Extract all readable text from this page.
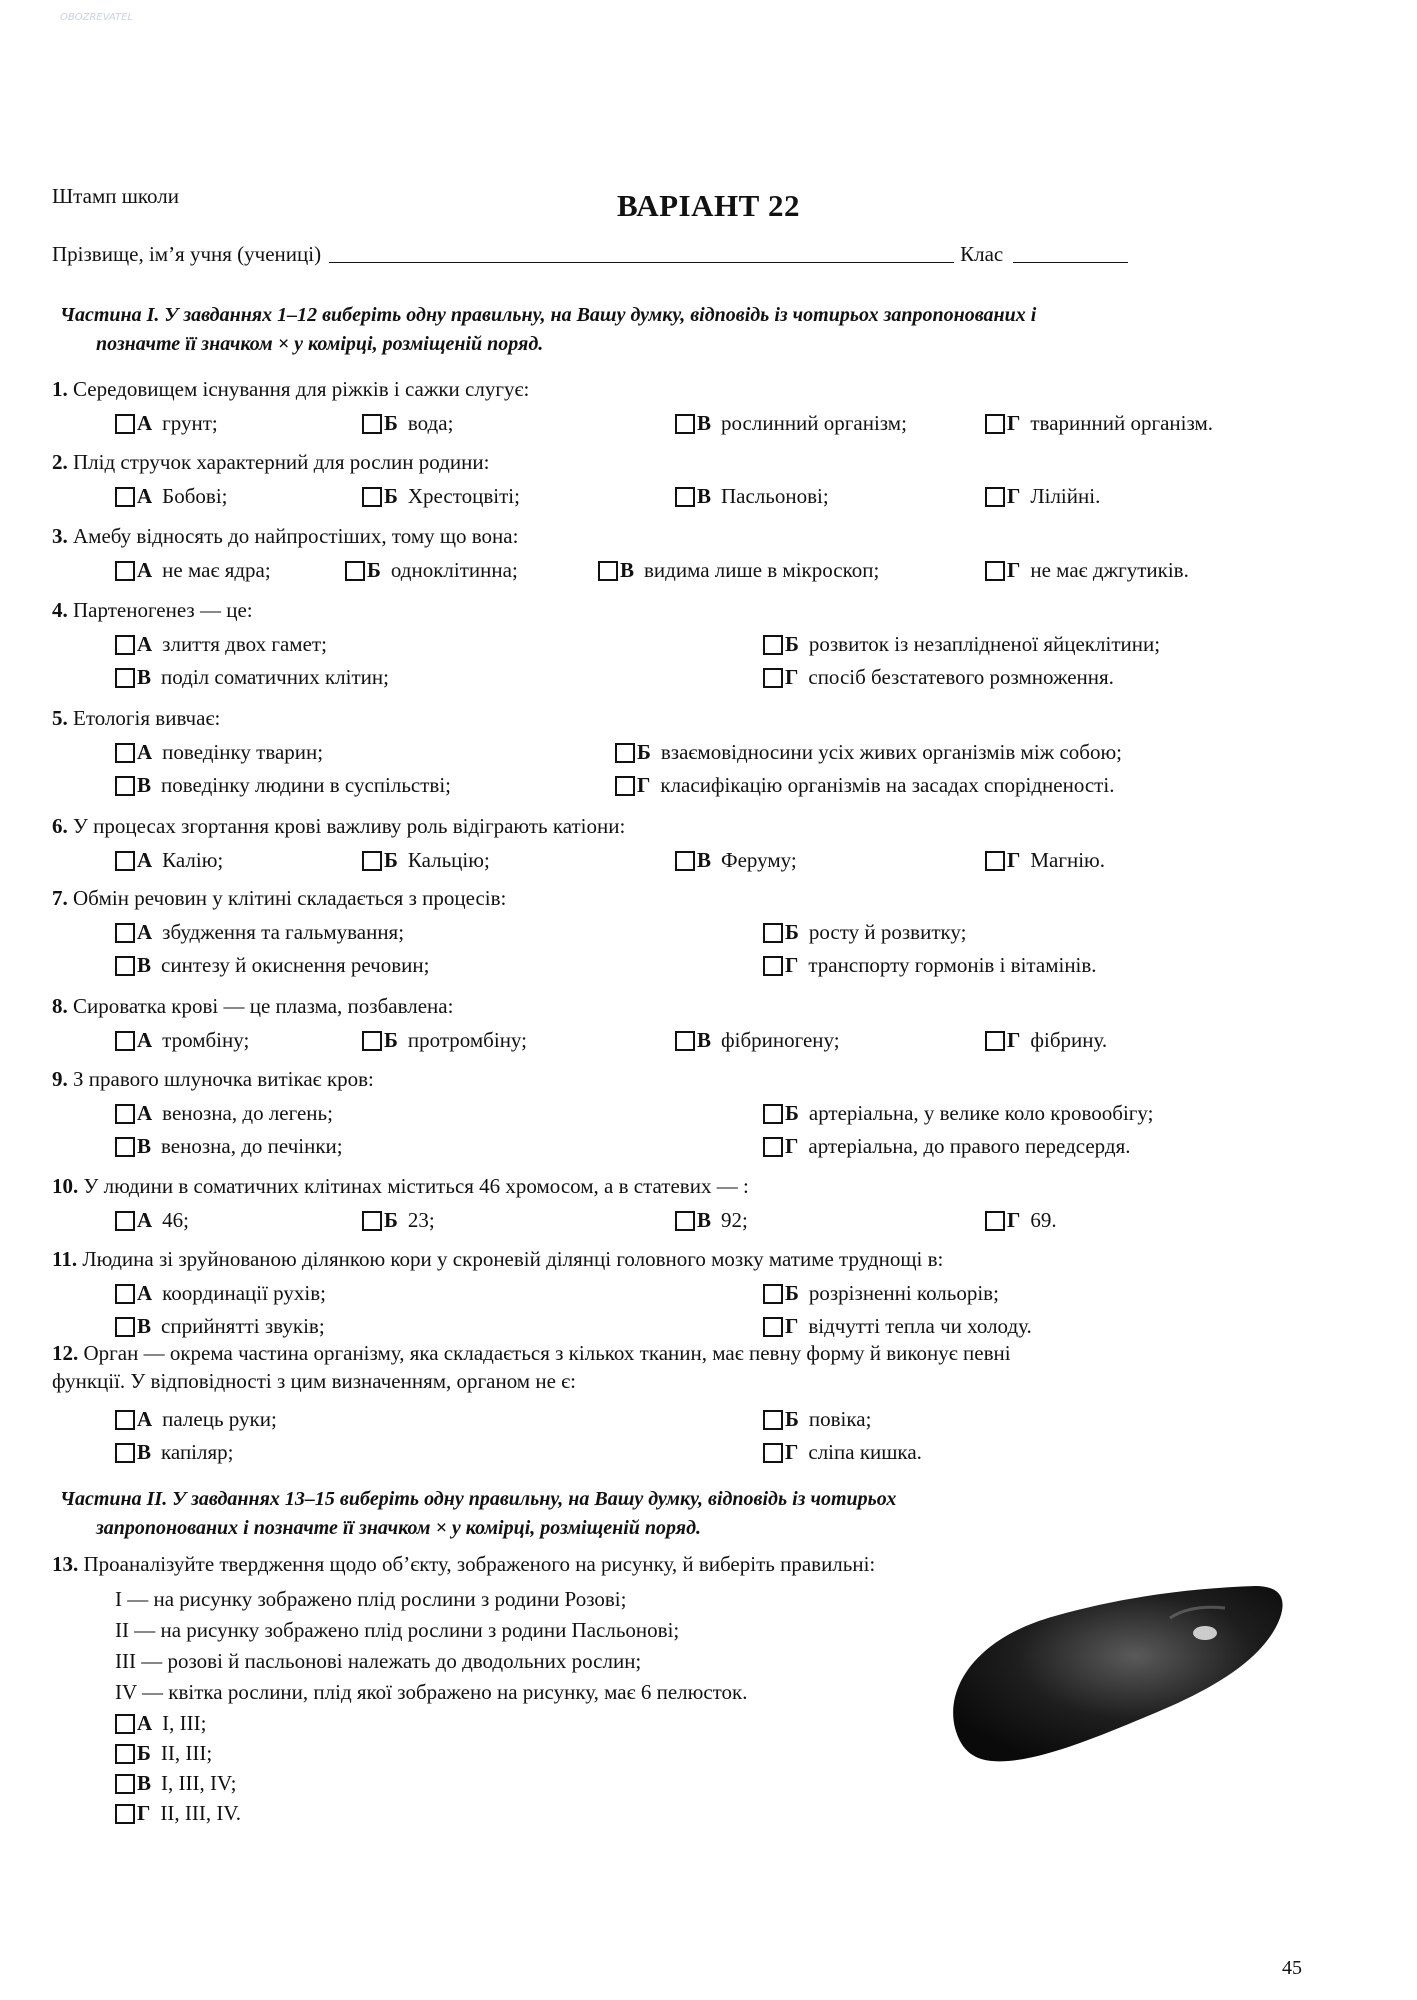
OBOZREVATEL
Штамп школи	ВАРІАНТ 22
Прізвище, ім’я учня (учениці)	Клас
Частина І. У завданнях 1–12 виберіть одну правильну, на Вашу думку, відповідь із чотирьох запропонованих і
позначте її значком × у комірці, розміщеній поряд.
1. Середовищем існування для ріжків і сажки слугує:
А грунт;	Б вода;	В рослинний організм;	Г тваринний організм.
2. Плід стручок характерний для рослин родини:
А Бобові;	Б Хрестоцвіті;	В Пасльонові;	Г Лілійні.
3. Амебу відносять до найпростіших, тому що вона:
А не має ядра;	Б одноклітинна;	В видима лише в мікроскоп;	Г не має джгутиків.
4. Партеногенез — це:
А злиття двох гамет;	Б розвиток із незаплідненої яйцеклітини;
В поділ соматичних клітин;	Г спосіб безстатевого розмноження.
5. Етологія вивчає:
А поведінку тварин;	Б взаємовідносини усіх живих організмів між собою;
В поведінку людини в суспільстві;	Г класифікацію організмів на засадах спорідненості.
6. У процесах згортання крові важливу роль відіграють катіони:
А Калію;	Б Кальцію;	В Феруму;	Г Магнію.
7. Обмін речовин у клітині складається з процесів:
А збудження та гальмування;	Б росту й розвитку;
В синтезу й окиснення речовин;	Г транспорту гормонів і вітамінів.
8. Сироватка крові — це плазма, позбавлена:
А тромбіну;	Б протромбіну;	В фібриногену;	Г фібрину.
9. З правого шлуночка витікає кров:
А венозна, до легень;	Б артеріальна, у велике коло кровообігу;
В венозна, до печінки;	Г артеріальна, до правого передсердя.
10. У людини в соматичних клітинах міститься 46 хромосом, а в статевих — :
А 46;	Б 23;	В 92;	Г 69.
11. Людина зі зруйнованою ділянкою кори у скроневій ділянці головного мозку матиме труднощі в:
А координації рухів;	Б розрізненні кольорів;
В сприйнятті звуків;	Г відчутті тепла чи холоду.
12. Орган — окрема частина організму, яка складається з кількох тканин, має певну форму й виконує певні
функції. У відповідності з цим визначенням, органом не є:
А палець руки;	Б повіка;
В капіляр;	Г сліпа кишка.
Частина ІІ. У завданнях 13–15 виберіть одну правильну, на Вашу думку, відповідь із чотирьох
запропонованих і позначте її значком × у комірці, розміщеній поряд.
13. Проаналізуйте твердження щодо об’єкту, зображеного на рисунку, й виберіть правильні:
I — на рисунку зображено плід рослини з родини Розові;
II — на рисунку зображено плід рослини з родини Пасльонові;
III — розові й пасльонові належать до дводольних рослин;
IV — квітка рослини, плід якої зображено на рисунку, має 6 пелюсток.
А I, III;
Б II, III;
В I, III, IV;
Г II, III, IV.
45
